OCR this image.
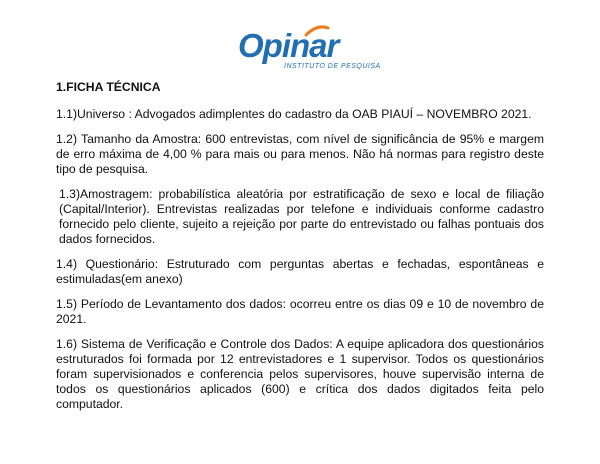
Opinar
INSTITUTO DE PESQUISA

1.FICHA TÉCNICA

1.1)Universo : Advogados adimplentes do cadastro da OAB PIAUÍ – NOVEMBRO 2021.

1.2) Tamanho da Amostra: 600 entrevistas, com nível de significância de 95% e margem de erro máxima de 4,00 % para mais ou para menos. Não há normas para registro deste tipo de pesquisa.

1.3)Amostragem: probabilística aleatória por estratificação de sexo e local de filiação (Capital/Interior). Entrevistas realizadas por telefone e individuais conforme cadastro fornecido pelo cliente, sujeito a rejeição por parte do entrevistado ou falhas pontuais dos dados fornecidos.

1.4) Questionário: Estruturado com perguntas abertas e fechadas, espontâneas e estimuladas(em anexo)

1.5) Período de Levantamento dos dados: ocorreu entre os dias 09 e 10 de novembro de 2021.

1.6) Sistema de Verificação e Controle dos Dados: A equipe aplicadora dos questionários estruturados foi formada por 12 entrevistadores e 1 supervisor. Todos os questionários foram supervisionados e conferencia pelos supervisores, houve supervisão interna de todos os questionários aplicados (600) e crítica dos dados digitados feita pelo computador.
